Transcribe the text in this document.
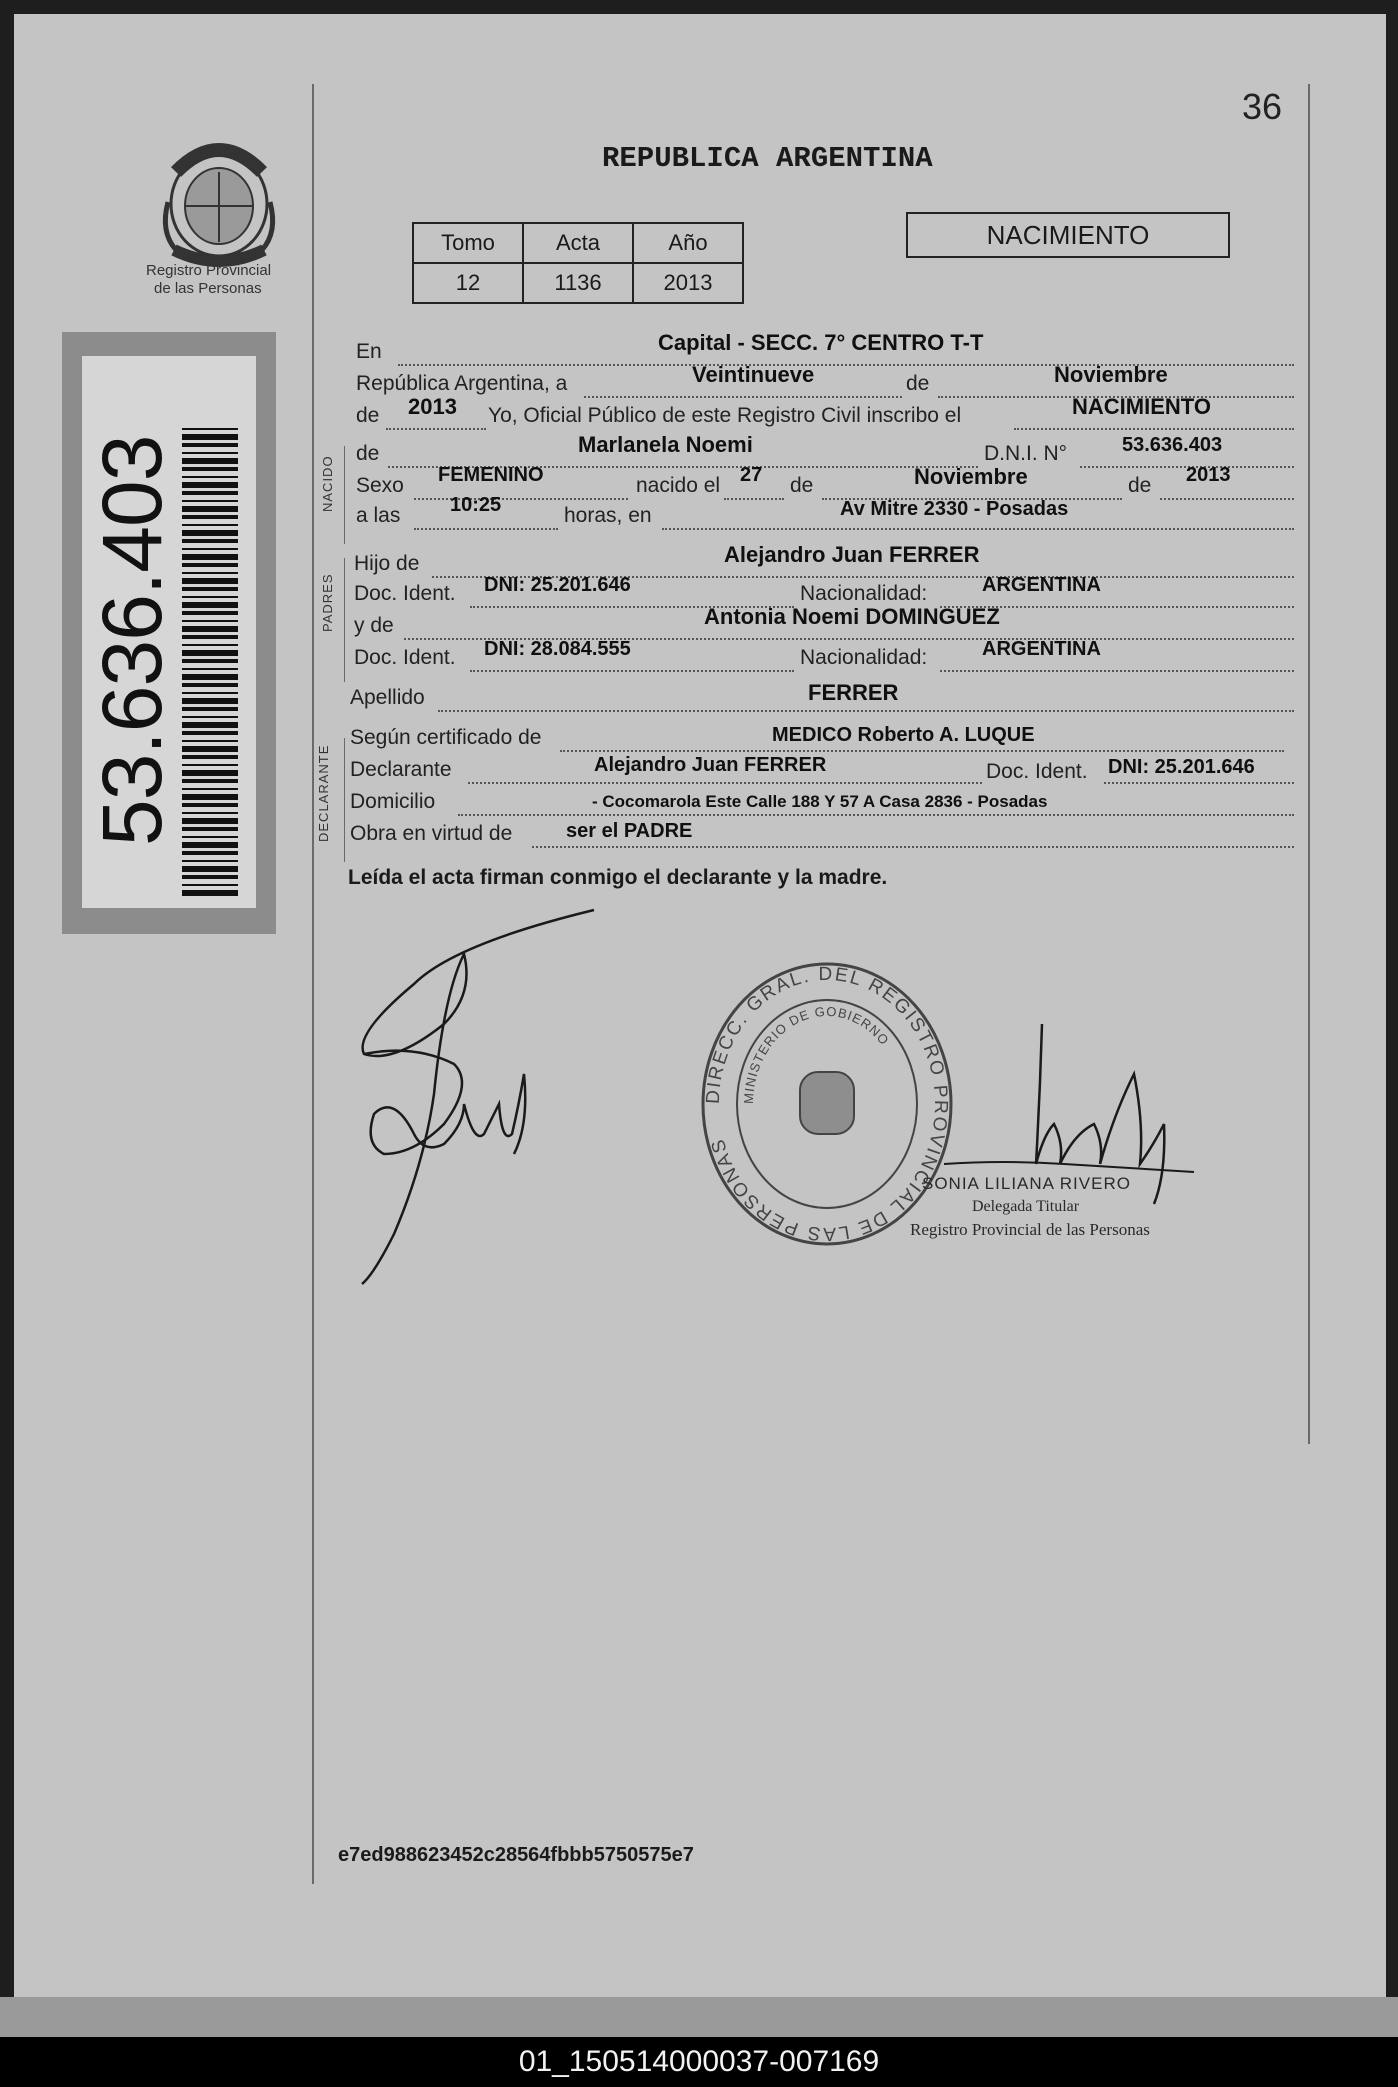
36
Registro Provincial
de las Personas
REPUBLICA ARGENTINA
Tomo	Acta	Año
12	1136	2013
NACIMIENTO
53.636.403	NACIDO
PADRES
DECLARANTE
En	Capital - SECC. 7° CENTRO T-T
República Argentina, a	Veintinueve	de	Noviembre
de 2013 Yo, Oficial Público de este Registro Civil inscribo el	NACIMIENTO
de	Marlanela Noemi	D.N.I. N°	53.636.403
Sexo FEMENINO	nacido el 27 de	Noviembre	de 2013
a las 10:25	horas, en	Av Mitre 2330 - Posadas
Hijo de	Alejandro Juan FERRER
Doc. Ident. DNI: 25.201.646	Nacionalidad:	ARGENTINA
y de	Antonia Noemi DOMINGUEZ
Doc. Ident. DNI: 28.084.555	Nacionalidad:	ARGENTINA
Apellido	FERRER
Según certificado de	MEDICO Roberto A. LUQUE
Declarante	Alejandro Juan FERRER	Doc. Ident. DNI: 25.201.646
Domicilio	- Cocomarola Este Calle 188 Y 57 A Casa 2836 - Posadas
Obra en virtud de	ser el PADRE
Leída el acta firman conmigo el declarante y la madre.
DIRECC. GRAL. DEL REGISTRO PROVINCIAL DE LAS PERSONAS
MINISTERIO DE GOBIERNO
SONIA LILIANA RIVERO
Delegada Titular
Registro Provincial de las Personas
e7ed988623452c28564fbbb5750575e7
01_150514000037-007169
